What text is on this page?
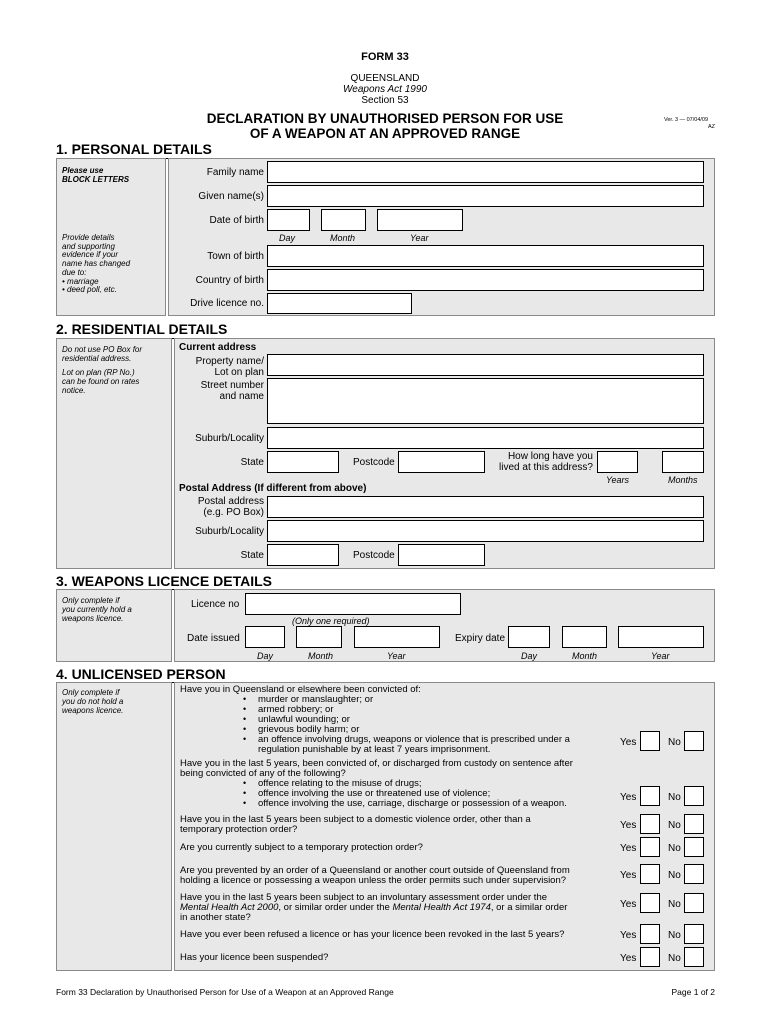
FORM 33
QUEENSLAND
Weapons Act 1990
Section 53
DECLARATION BY UNAUTHORISED PERSON FOR USE
OF A WEAPON AT AN APPROVED RANGE
Ver. 3 — 07/04/09
AZ
1. PERSONAL DETAILS
Please use
BLOCK LETTERS
Provide details
and supporting
evidence if your
name has changed
due to:
• marriage
• deed poll, etc.
Family name
Given name(s)
Date of birth
Day	Month	Year
Town of birth
Country of birth
Drive licence no.
2. RESIDENTIAL DETAILS
Do not use PO Box for
residential address.
Lot on plan (RP No.)
can be found on rates
notice.
Current address
Property name/
Lot on plan
Street number
and name
Suburb/Locality
State	Postcode
How long have you
lived at this address?
Years	Months
Postal Address (If different from above)
Postal address
(e.g. PO Box)
Suburb/Locality
State	Postcode
3. WEAPONS LICENCE DETAILS
Only complete if
you currently hold a
weapons licence.
Licence no
(Only one required)
Date issued	Expiry date
Day	Month	Year	Day	Month	Year
4. UNLICENSED PERSON
Only complete if
you do not hold a
weapons licence.
Have you in Queensland or elsewhere been convicted of:
• murder or manslaughter; or
• armed robbery; or
• unlawful wounding; or
• grievous bodily harm; or
• an offence involving drugs, weapons or violence that is prescribed under a
regulation punishable by at least 7 years imprisonment.
Yes	No
Have you in the last 5 years, been convicted of, or discharged from custody on sentence after
being convicted of any of the following?
• offence relating to the misuse of drugs;
• offence involving the use or threatened use of violence;
• offence involving the use, carriage, discharge or possession of a weapon.
Yes	No
Have you in the last 5 years been subject to a domestic violence order, other than a
temporary protection order?	Yes	No
Are you currently subject to a temporary protection order?	Yes	No
Are you prevented by an order of a Queensland or another court outside of Queensland from
holding a licence or possessing a weapon unless the order permits such under supervision?	Yes	No
Have you in the last 5 years been subject to an involuntary assessment order under the
Mental Health Act 2000, or similar order under the Mental Health Act 1974, or a similar order
in another state?
Yes	No
Have you ever been refused a licence or has your licence been revoked in the last 5 years?	Yes	No
Has your licence been suspended?	Yes	No
Form 33 Declaration by Unauthorised Person for Use of a Weapon at an Approved Range	Page 1 of 2
